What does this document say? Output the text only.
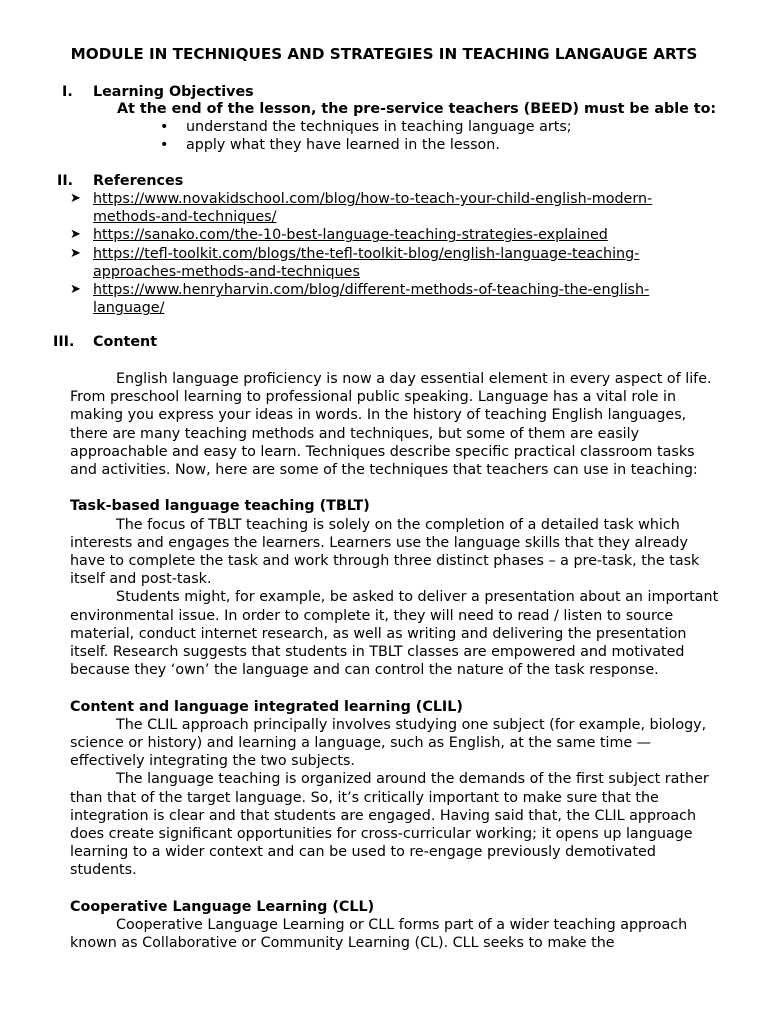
MODULE IN TECHNIQUES AND STRATEGIES IN TEACHING LANGAUGE ARTS
I. Learning Objectives
At the end of the lesson, the pre-service teachers (BEED) must be able to:
• understand the techniques in teaching language arts;
• apply what they have learned in the lesson.
II. References
➤ https://www.novakidschool.com/blog/how-to-teach-your-child-english-modern-
methods-and-techniques/
➤ https://sanako.com/the-10-best-language-teaching-strategies-explained
➤ https://tefl-toolkit.com/blogs/the-tefl-toolkit-blog/english-language-teaching-
approaches-methods-and-techniques
➤ https://www.henryharvin.com/blog/different-methods-of-teaching-the-english-
language/
III. Content

English language proficiency is now a day essential element in every aspect of life. From preschool learning to professional public speaking. Language has a vital role in making you express your ideas in words. In the history of teaching English languages, there are many teaching methods and techniques, but some of them are easily approachable and easy to learn. Techniques describe specific practical classroom tasks and activities. Now, here are some of the techniques that teachers can use in teaching:

Task-based language teaching (TBLT)

The focus of TBLT teaching is solely on the completion of a detailed task which interests and engages the learners. Learners use the language skills that they already have to complete the task and work through three distinct phases – a pre-task, the task itself and post-task.

Students might, for example, be asked to deliver a presentation about an important environmental issue. In order to complete it, they will need to read / listen to source material, conduct internet research, as well as writing and delivering the presentation itself. Research suggests that students in TBLT classes are empowered and motivated because they ‘own’ the language and can control the nature of the task response.

Content and language integrated learning (CLIL)

The CLIL approach principally involves studying one subject (for example, biology, science or history) and learning a language, such as English, at the same time — effectively integrating the two subjects.

The language teaching is organized around the demands of the first subject rather than that of the target language. So, it’s critically important to make sure that the integration is clear and that students are engaged. Having said that, the CLIL approach does create significant opportunities for cross-curricular working; it opens up language learning to a wider context and can be used to re-engage previously demotivated students.

Cooperative Language Learning (CLL)

Cooperative Language Learning or CLL forms part of a wider teaching approach known as Collaborative or Community Learning (CL). CLL seeks to make the
